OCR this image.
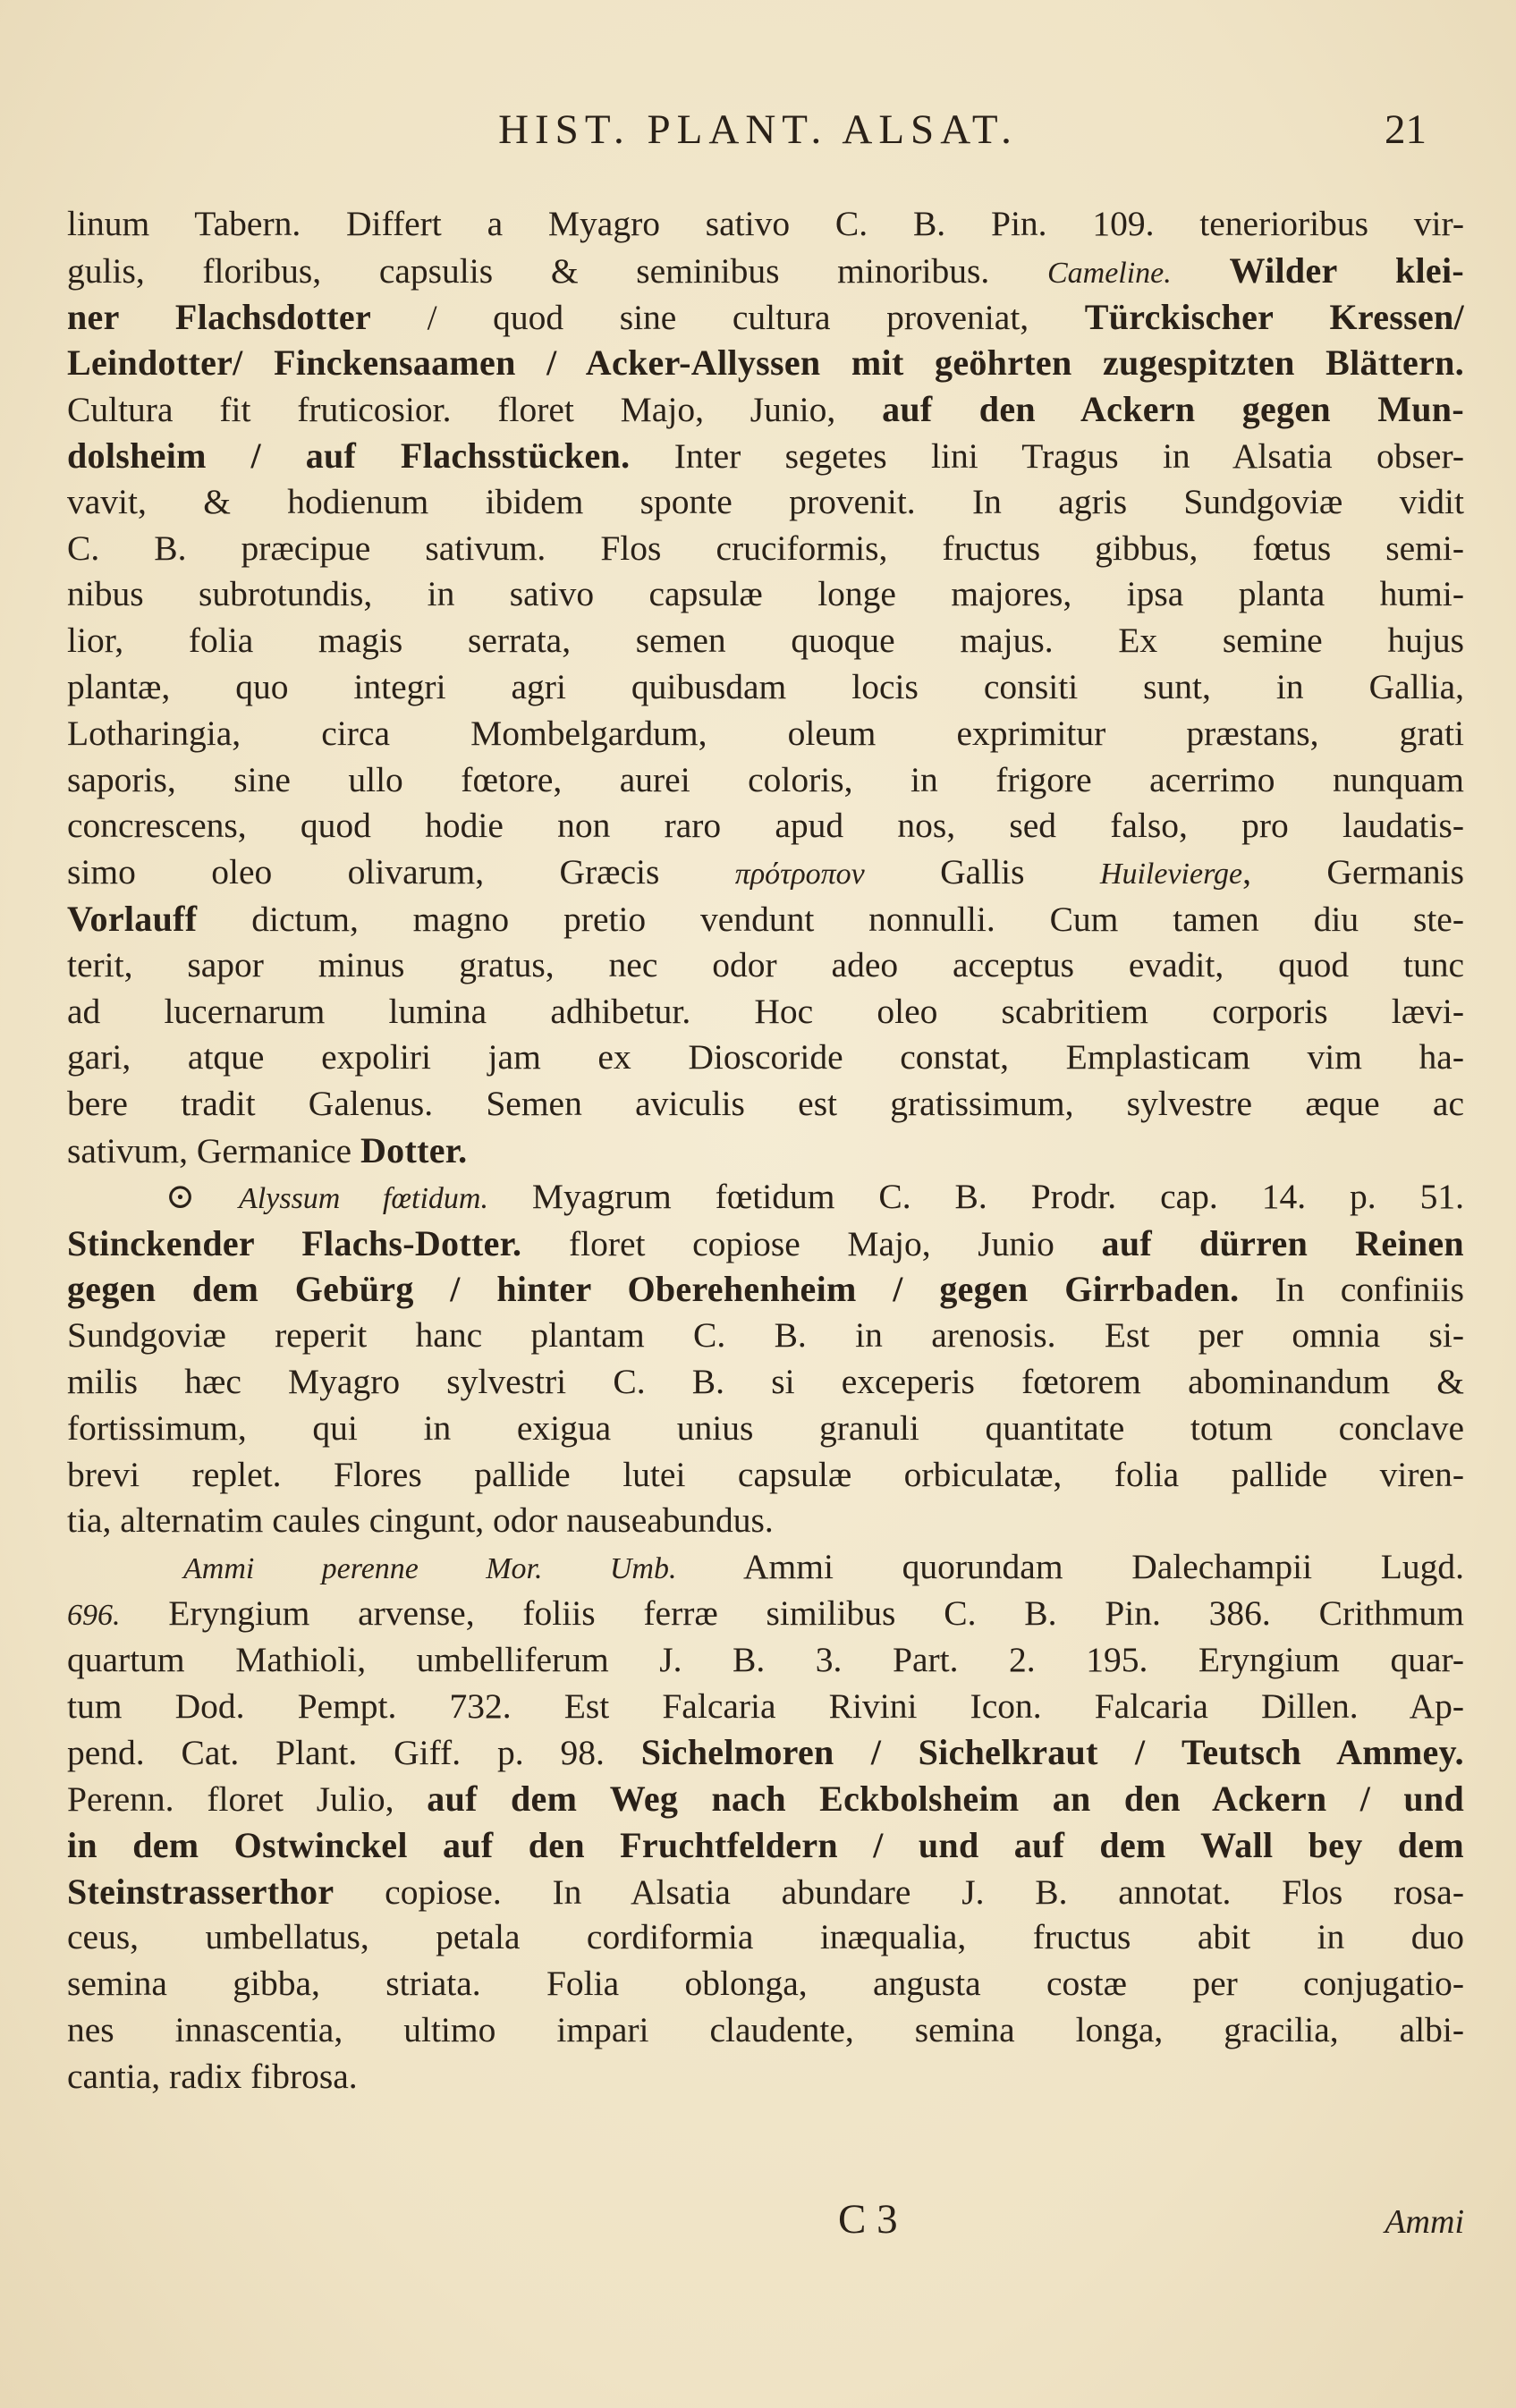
HIST. PLANT. ALSAT.	21
linum Tabern. Differt a Myagro sativo C. B. Pin. 109. tenerioribus vir-
gulis, floribus, capsulis & seminibus minoribus. Cameline. Wilder klei-
ner Flachsdotter / quod sine cultura proveniat, Türckischer Kressen/
Leindotter/ Finckensaamen / Acker-Allyssen mit geöhrten zugespitzten Blättern.
Cultura fit fruticosior. floret Majo, Junio, auf den Ackern gegen Mun-
dolsheim / auf Flachsstücken. Inter segetes lini Tragus in Alsatia obser-
vavit, & hodienum ibidem sponte provenit. In agris Sundgoviæ vidit
C. B. præcipue sativum. Flos cruciformis, fructus gibbus, fœtus semi-
nibus subrotundis, in sativo capsulæ longe majores, ipsa planta humi-
lior, folia magis serrata, semen quoque majus. Ex semine hujus
plantæ, quo integri agri quibusdam locis consiti sunt, in Gallia,
Lotharingia, circa Mombelgardum, oleum exprimitur præstans, grati
saporis, sine ullo fœtore, aurei coloris, in frigore acerrimo nunquam
concrescens, quod hodie non raro apud nos, sed falso, pro laudatis-
simo oleo olivarum, Græcis πρότροπον Gallis Huilevierge, Germanis
Vorlauff dictum, magno pretio vendunt nonnulli. Cum tamen diu ste-
terit, sapor minus gratus, nec odor adeo acceptus evadit, quod tunc
ad lucernarum lumina adhibetur. Hoc oleo scabritiem corporis lævi-
gari, atque expoliri jam ex Dioscoride constat, Emplasticam vim ha-
bere tradit Galenus. Semen aviculis est gratissimum, sylvestre æque ac
sativum, Germanice Dotter.
⊙ Alyssum fœtidum. Myagrum fœtidum C. B. Prodr. cap. 14. p. 51.
Stinckender Flachs-Dotter. floret copiose Majo, Junio auf dürren Reinen
gegen dem Gebürg / hinter Oberehenheim / gegen Girrbaden. In confiniis
Sundgoviæ reperit hanc plantam C. B. in arenosis. Est per omnia si-
milis hæc Myagro sylvestri C. B. si exceperis fœtorem abominandum &
fortissimum, qui in exigua unius granuli quantitate totum conclave
brevi replet. Flores pallide lutei capsulæ orbiculatæ, folia pallide viren-
tia, alternatim caules cingunt, odor nauseabundus.
Ammi perenne Mor. Umb. Ammi quorundam Dalechampii Lugd.
696. Eryngium arvense, foliis ferræ similibus C. B. Pin. 386. Crithmum
quartum Mathioli, umbelliferum J. B. 3. Part. 2. 195. Eryngium quar-
tum Dod. Pempt. 732. Est Falcaria Rivini Icon. Falcaria Dillen. Ap-
pend. Cat. Plant. Giff. p. 98. Sichelmoren / Sichelkraut / Teutsch Ammey.
Perenn. floret Julio, auf dem Weg nach Eckbolsheim an den Ackern / und
in dem Ostwinckel auf den Fruchtfeldern / und auf dem Wall bey dem
Steinstrasserthor copiose. In Alsatia abundare J. B. annotat. Flos rosa-
ceus, umbellatus, petala cordiformia inæqualia, fructus abit in duo
semina gibba, striata. Folia oblonga, angusta costæ per conjugatio-
nes innascentia, ultimo impari claudente, semina longa, gracilia, albi-
cantia, radix fibrosa.
C 3	Ammi
